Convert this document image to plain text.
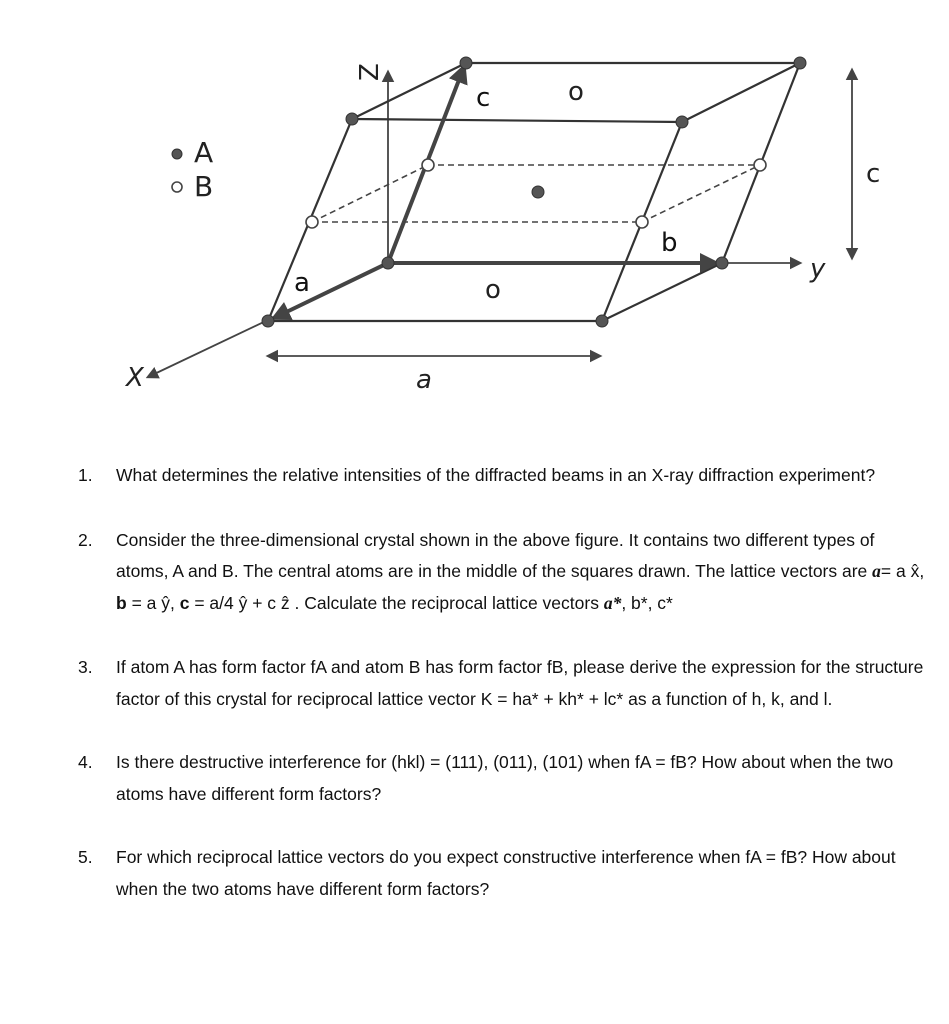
A
B
X
y
Z
a
b
c	o
o
a
c
1. What determines the relative intensities of the diffracted beams in an X-ray diffraction experiment?
2. Consider the three-dimensional crystal shown in the above figure. It contains two different types of atoms, A and B. The central atoms are in the middle of the squares drawn. The lattice vectors are a= a x̂, b = a ŷ, c = a/4 ŷ + c ẑ . Calculate the reciprocal lattice vectors a*, b*, c*
3. If atom A has form factor fA and atom B has form factor fB, please derive the expression for the structure factor of this crystal for reciprocal lattice vector K = ha* + kh* + lc* as a function of h, k, and l.
4. Is there destructive interference for (hkl) = (111), (011), (101) when fA = fB? How about when the two atoms have different form factors?
5. For which reciprocal lattice vectors do you expect constructive interference when fA = fB? How about when the two atoms have different form factors?
